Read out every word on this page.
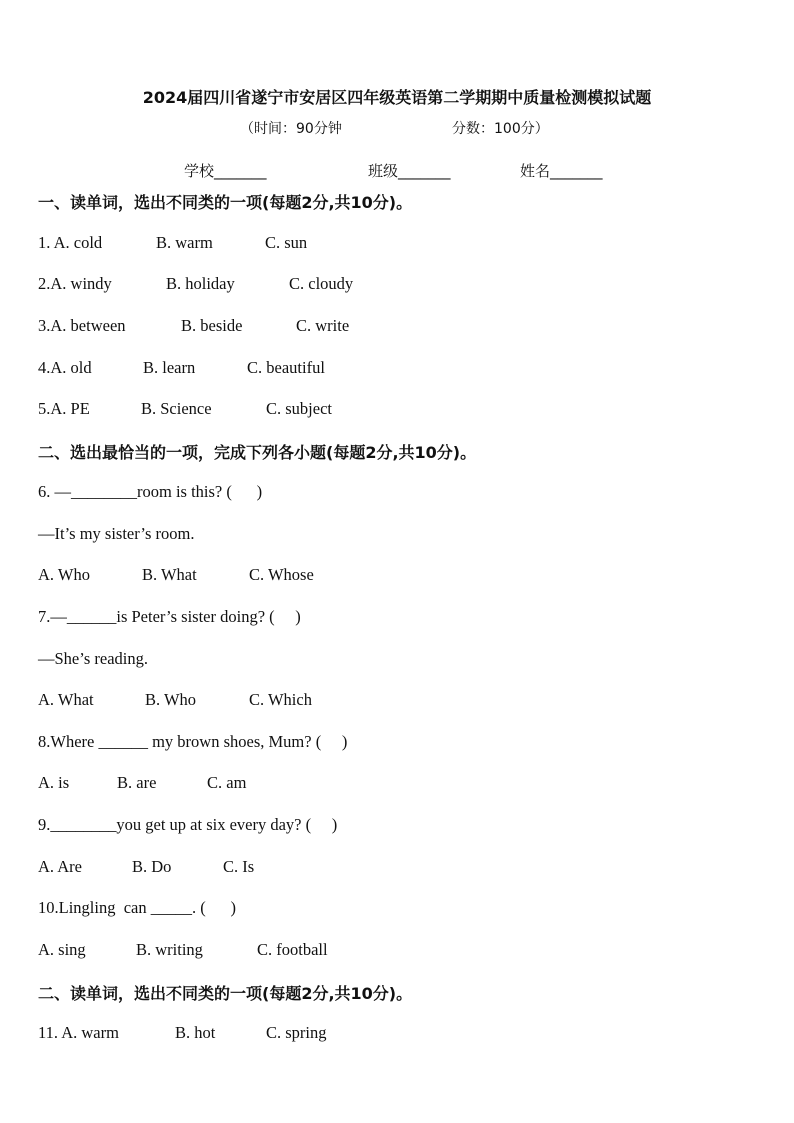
2024届四川省遂宁市安居区四年级英语第二学期期中质量检测模拟试题
（时间：90分钟	分数：100分）
学校_______	班级_______	姓名_______
一、读单词，选出不同类的一项(每题2分,共10分)。
1. A. cold	B. warm	C. sun
2.A. windy	B. holiday	C. cloudy
3.A. between	B. beside	C. write
4.A. old	B. learn	C. beautiful
5.A. PE	B. Science	C. subject
二、选出最恰当的一项，完成下列各小题(每题2分,共10分)。
6. —________room is this? (      )
—It’s my sister’s room.
A. Who	B. What	C. Whose
7.—______is Peter’s sister doing? (     )
—She’s reading.
A. What	B. Who	C. Which
8.Where ______ my brown shoes, Mum? (     )
A. is	B. are	C. am
9.________you get up at six every day? (     )
A. Are	B. Do	C. Is
10.Lingling  can _____. (      )
A. sing	B. writing	C. football
二、读单词，选出不同类的一项(每题2分,共10分)。
11. A. warm	B. hot	C. spring
